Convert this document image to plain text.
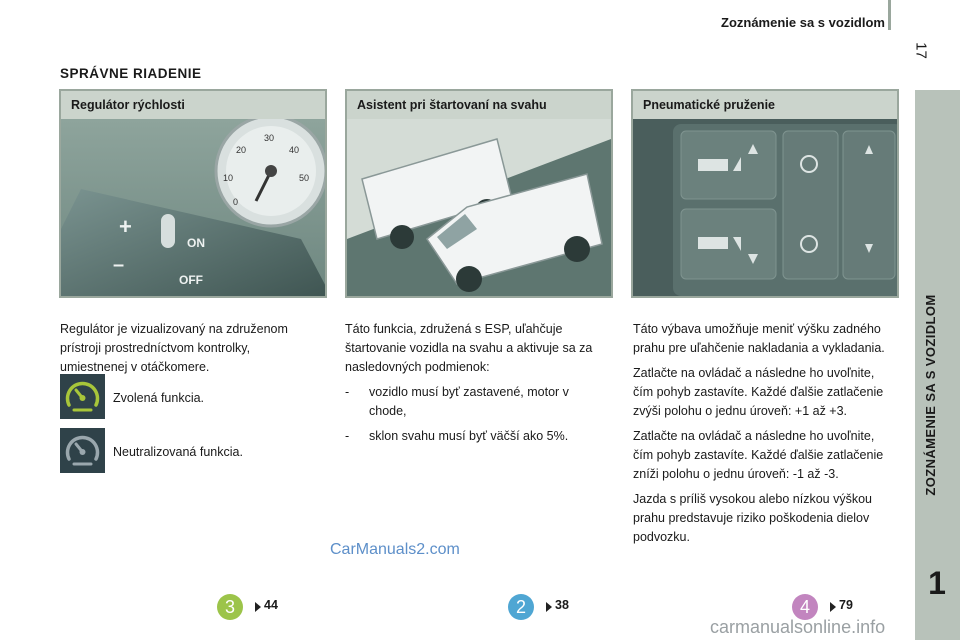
Zoznámenie sa s vozidlom
17
ZOZNÁMENIE SA S VOZIDLOM
1
SPRÁVNE RIADENIE
Regulátor rýchlosti
0
10
20
30
40
50
ON
OFF
+
–
Asistent pri štartovaní na svahu	Pneumatické pruženie
Regulátor je vizualizovaný na združenom prístroji prostredníctvom kontrolky, umiestnenej v otáčkomere.
Zvolená funkcia.
Neutralizovaná funkcia.

Táto funkcia, združená s ESP, uľahčuje štartovanie vozidla na svahu a aktivuje sa za nasledovných podmienok:

-	vozidlo musí byť zastavené, motor v chode,
-	sklon svahu musí byť väčší ako 5%.

Táto výbava umožňuje meniť výšku zadného prahu pre uľahčenie nakladania a vykladania.

Zatlačte na ovládač a následne ho uvoľnite, čím pohyb zastavíte. Každé ďalšie zatlačenie zvýši polohu o jednu úroveň: +1 až +3.

Zatlačte na ovládač a následne ho uvoľnite, čím pohyb zastavíte. Každé ďalšie zatlačenie zníži polohu o jednu úroveň: -1 až -3.

Jazda s príliš vysokou alebo nízkou výškou prahu predstavuje riziko poškodenia dielov podvozku.

CarManuals2.com
3	44	2	38	4	79
carmanualsonline.info
